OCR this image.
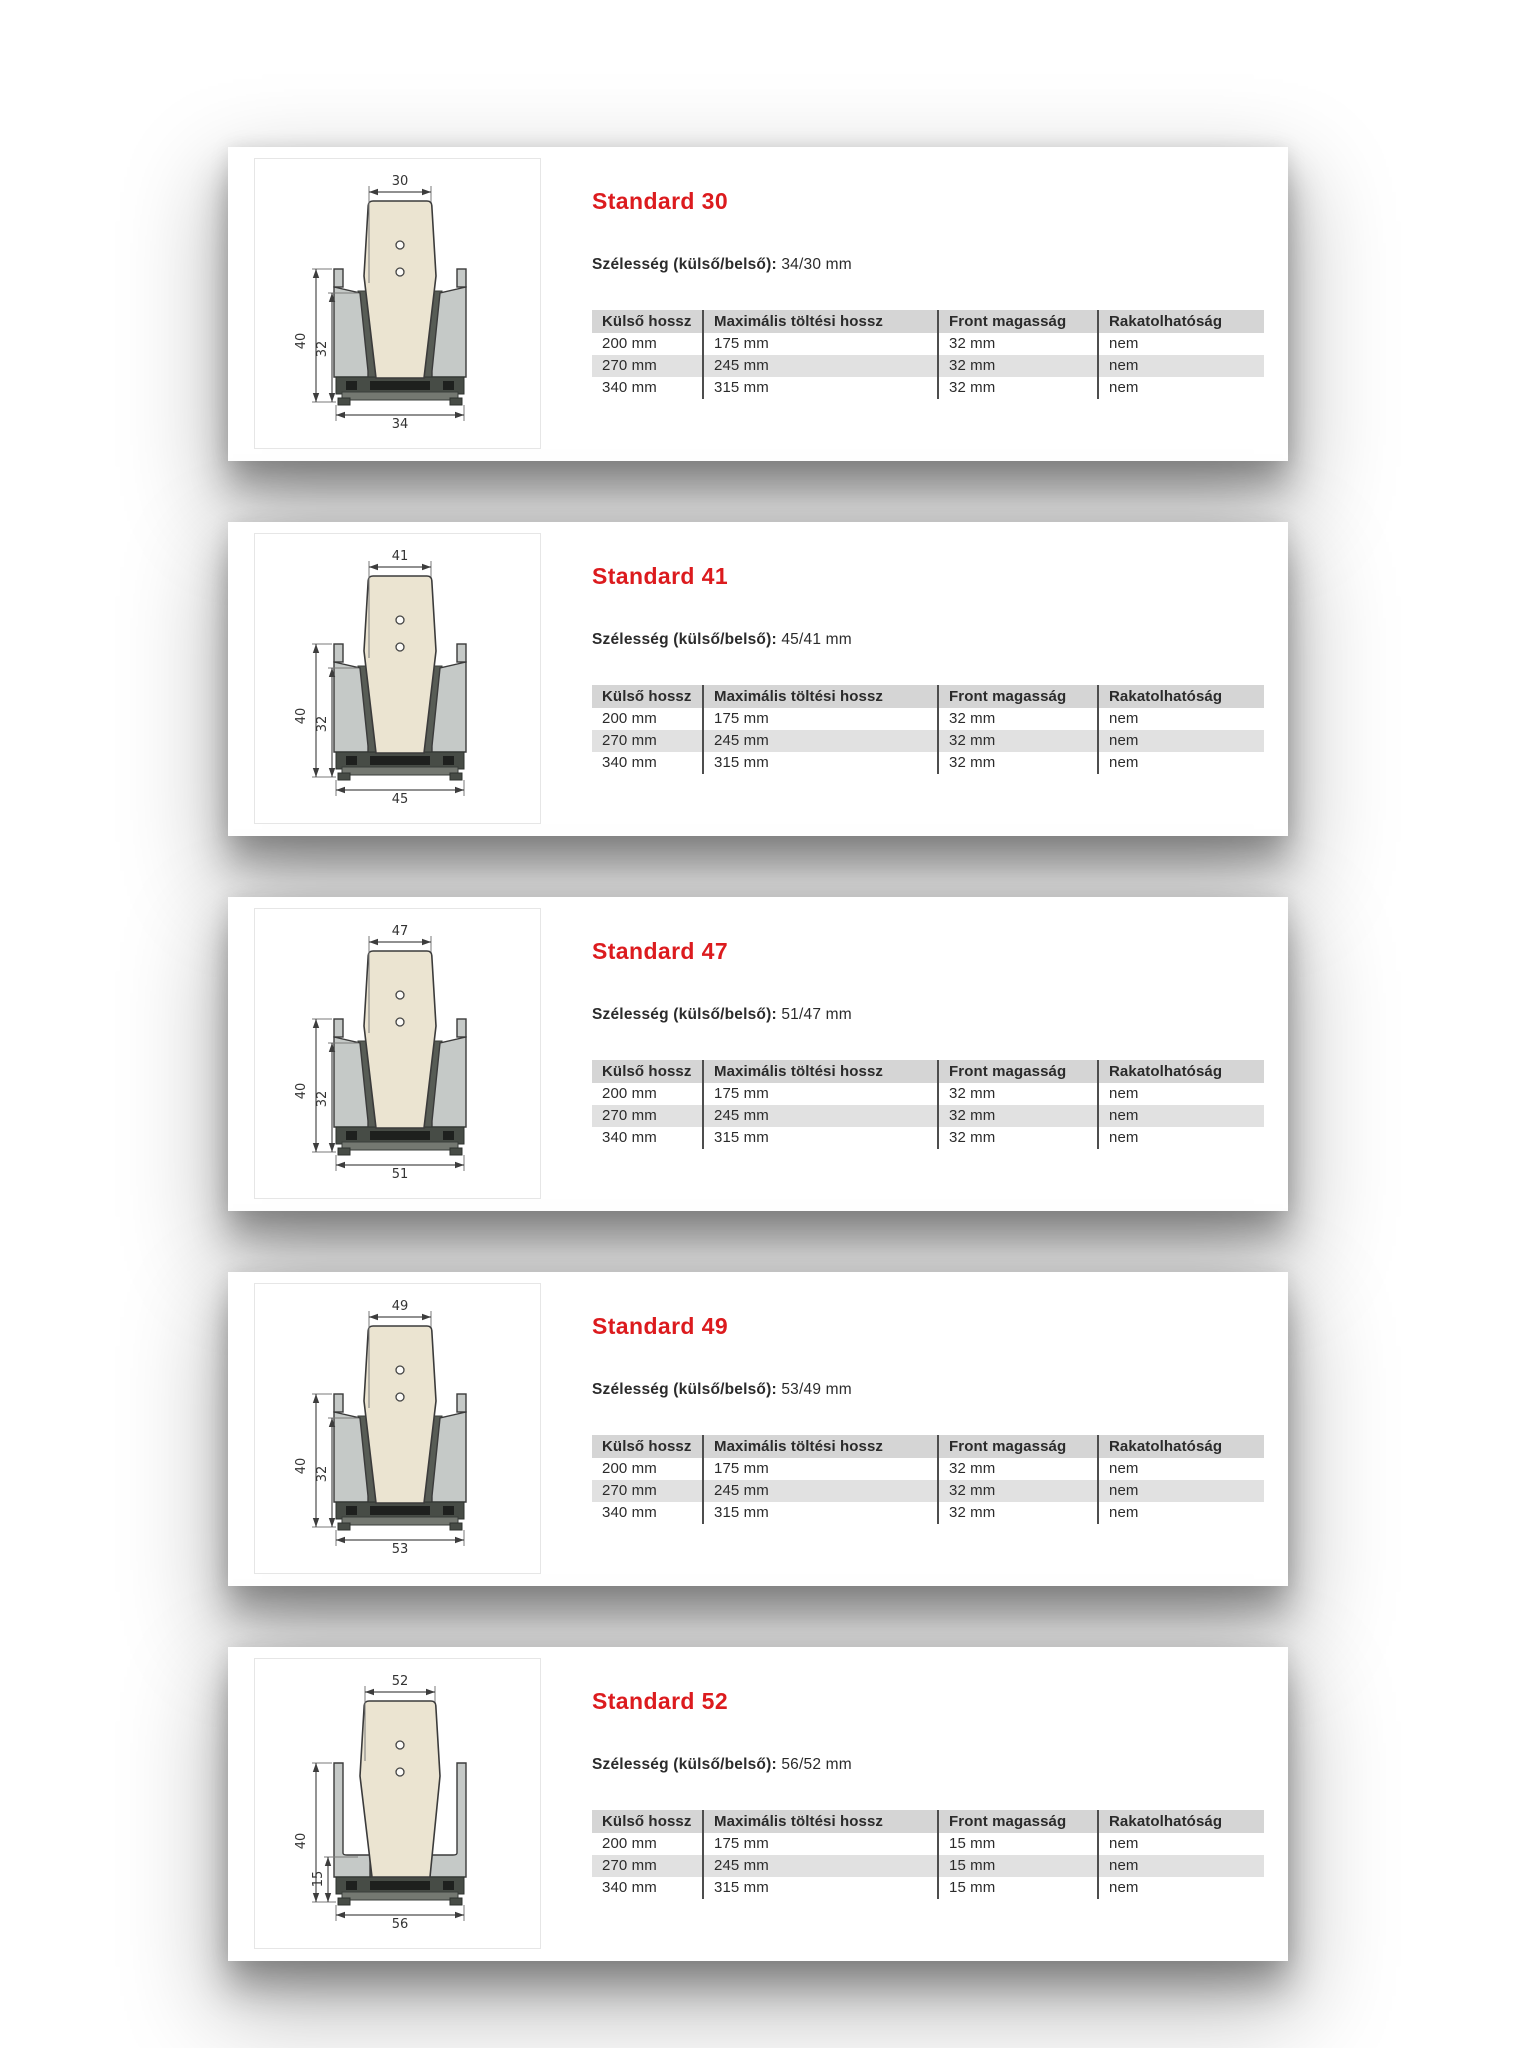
32
32
30
40
34
Standard 30

Szélesség (külső/belső): 34/30 mm

Külső hossz	Maximális töltési hossz	Front magasság	Rakatolhatóság
200 mm	175 mm	32 mm	nem
270 mm	245 mm	32 mm	nem
340 mm	315 mm	32 mm	nem
32
32
41
40
45
Standard 41

Szélesség (külső/belső): 45/41 mm

Külső hossz	Maximális töltési hossz	Front magasság	Rakatolhatóság
200 mm	175 mm	32 mm	nem
270 mm	245 mm	32 mm	nem
340 mm	315 mm	32 mm	nem
32
32
47
40
51
Standard 47

Szélesség (külső/belső): 51/47 mm

Külső hossz	Maximális töltési hossz	Front magasság	Rakatolhatóság
200 mm	175 mm	32 mm	nem
270 mm	245 mm	32 mm	nem
340 mm	315 mm	32 mm	nem
32
32
49
40
53
Standard 49

Szélesség (külső/belső): 53/49 mm

Külső hossz	Maximális töltési hossz	Front magasság	Rakatolhatóság
200 mm	175 mm	32 mm	nem
270 mm	245 mm	32 mm	nem
340 mm	315 mm	32 mm	nem
15
15
52
40
56
Standard 52

Szélesség (külső/belső): 56/52 mm

Külső hossz	Maximális töltési hossz	Front magasság	Rakatolhatóság
200 mm	175 mm	15 mm	nem
270 mm	245 mm	15 mm	nem
340 mm	315 mm	15 mm	nem
